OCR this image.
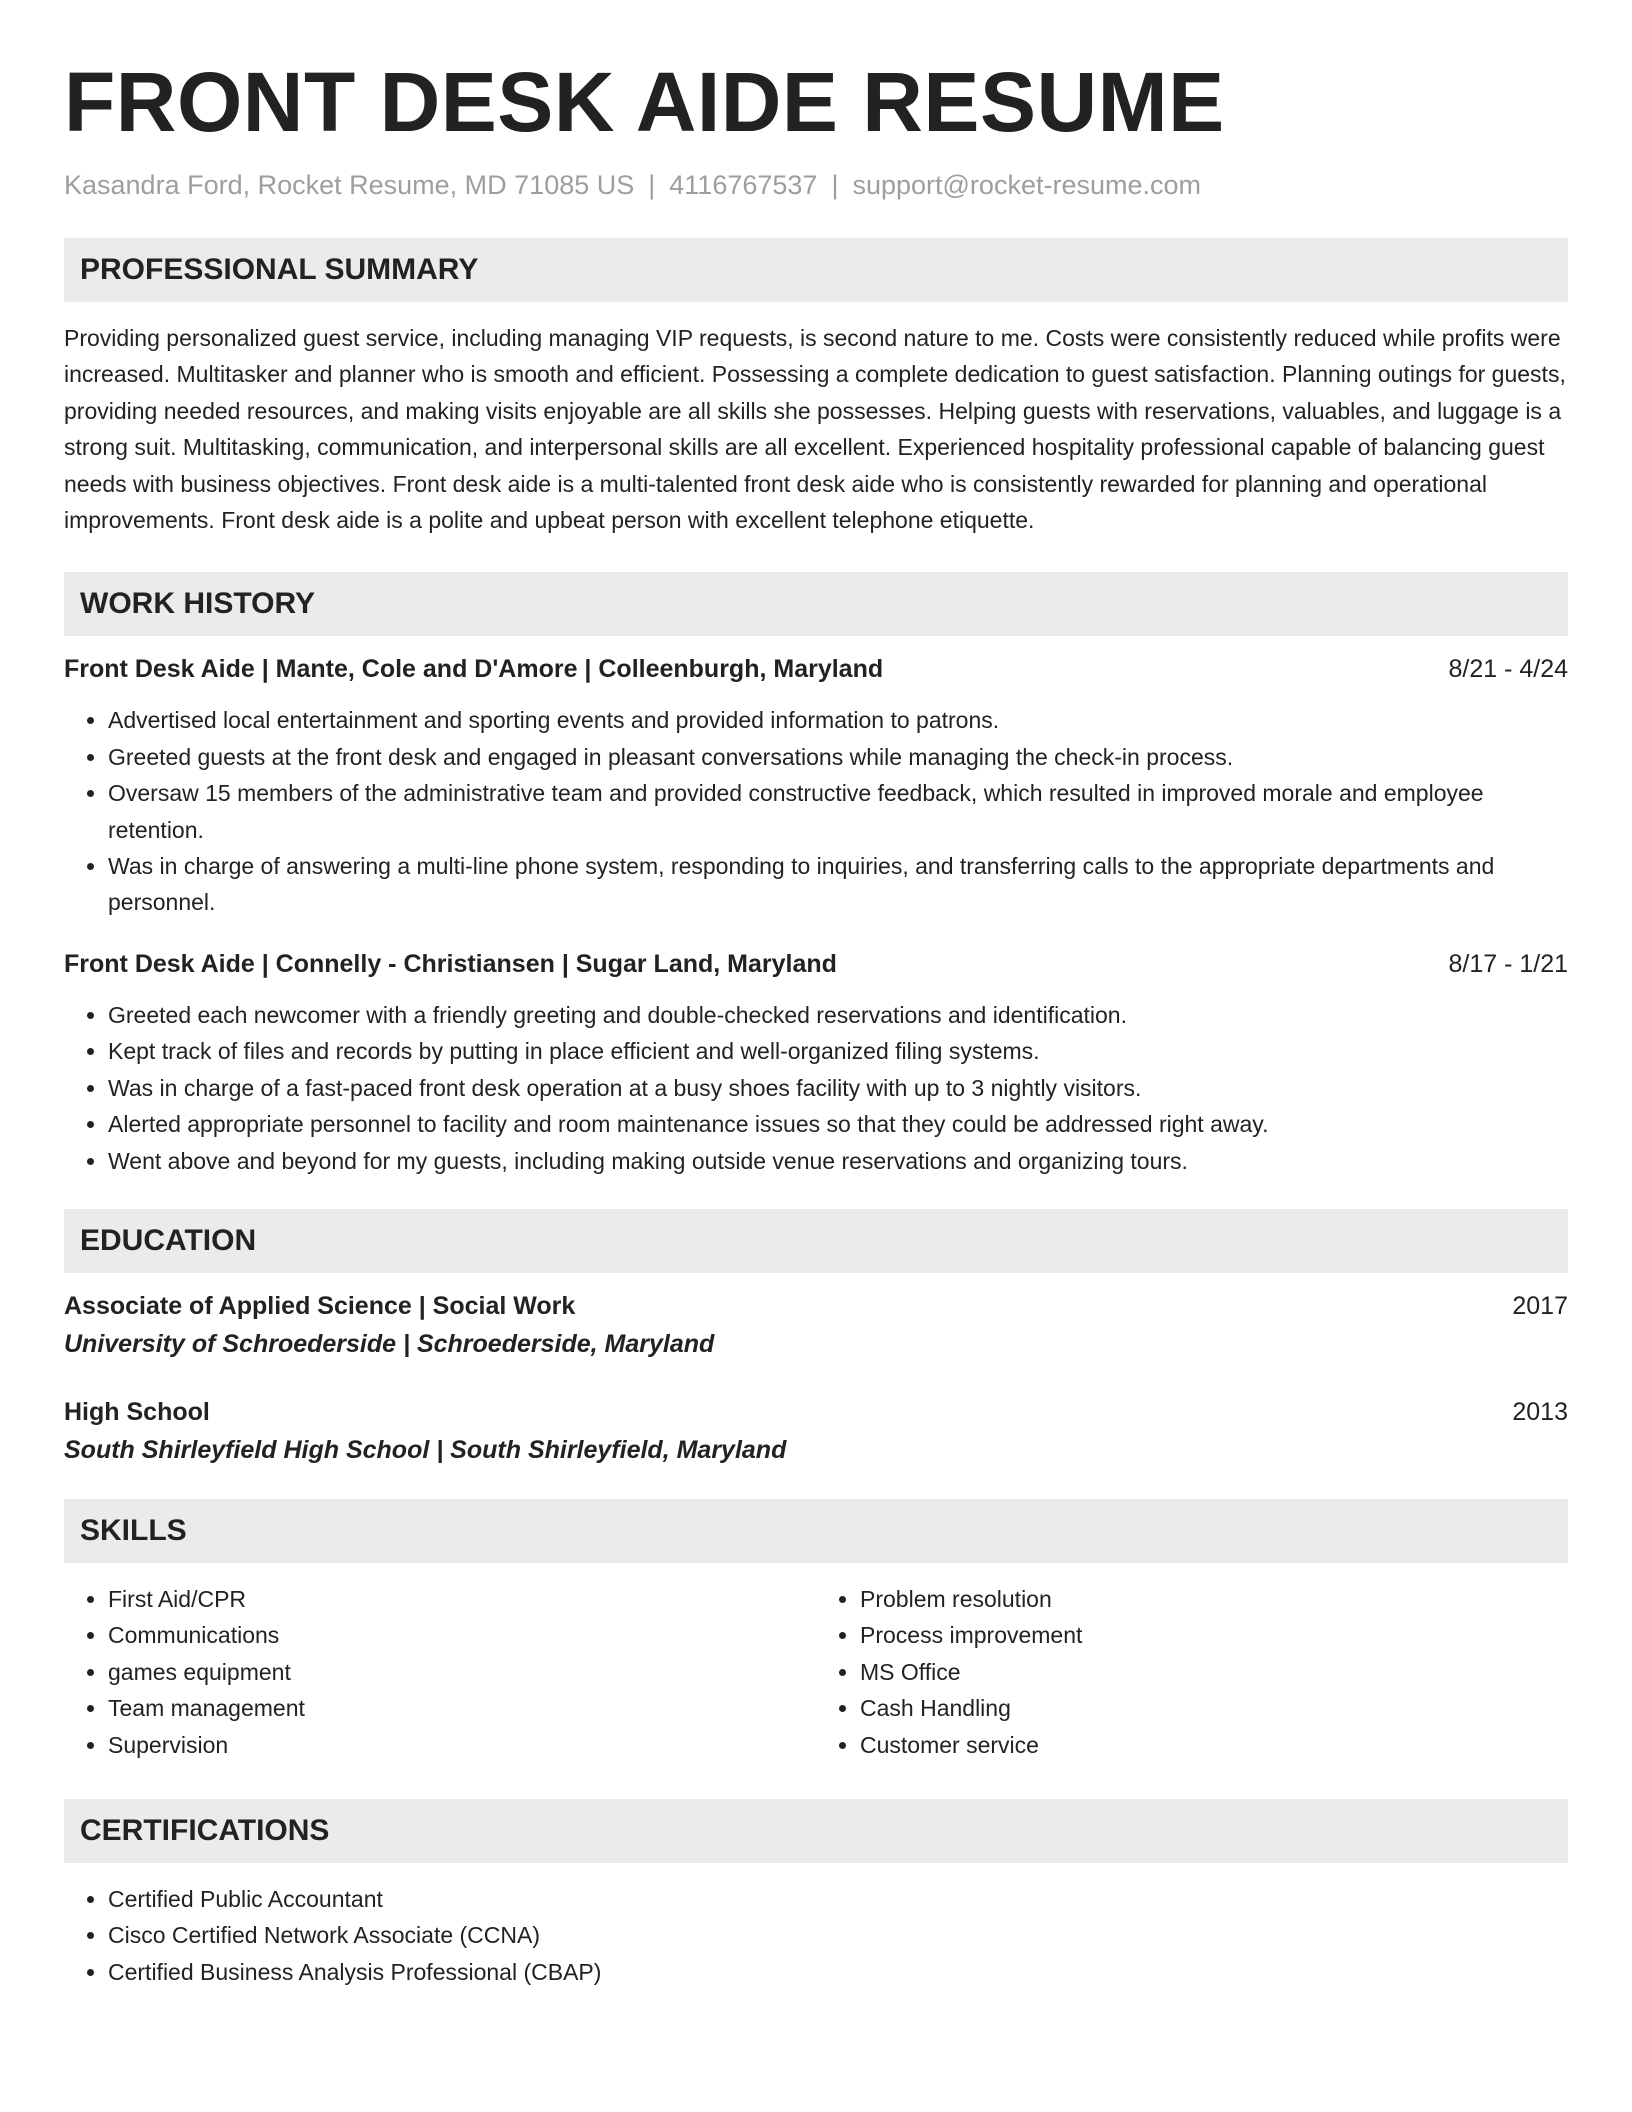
FRONT DESK AIDE RESUME
Kasandra Ford, Rocket Resume, MD 71085 US | 4116767537 | support@rocket-resume.com
PROFESSIONAL SUMMARY

Providing personalized guest service, including managing VIP requests, is second nature to me. Costs were consistently reduced while profits were increased. Multitasker and planner who is smooth and efficient. Possessing a complete dedication to guest satisfaction. Planning outings for guests, providing needed resources, and making visits enjoyable are all skills she possesses. Helping guests with reservations, valuables, and luggage is a strong suit. Multitasking, communication, and interpersonal skills are all excellent. Experienced hospitality professional capable of balancing guest needs with business objectives. Front desk aide is a multi-talented front desk aide who is consistently rewarded for planning and operational improvements. Front desk aide is a polite and upbeat person with excellent telephone etiquette.

WORK HISTORY
Front Desk Aide | Mante, Cole and D'Amore | Colleenburgh, Maryland	8/21 - 4/24
• Advertised local entertainment and sporting events and provided information to patrons.
• Greeted guests at the front desk and engaged in pleasant conversations while managing the check-in process.
• Oversaw 15 members of the administrative team and provided constructive feedback, which resulted in improved morale and employee retention.
• Was in charge of answering a multi-line phone system, responding to inquiries, and transferring calls to the appropriate departments and personnel.
Front Desk Aide | Connelly - Christiansen | Sugar Land, Maryland	8/17 - 1/21
• Greeted each newcomer with a friendly greeting and double-checked reservations and identification.
• Kept track of files and records by putting in place efficient and well-organized filing systems.
• Was in charge of a fast-paced front desk operation at a busy shoes facility with up to 3 nightly visitors.
• Alerted appropriate personnel to facility and room maintenance issues so that they could be addressed right away.
• Went above and beyond for my guests, including making outside venue reservations and organizing tours.
EDUCATION
Associate of Applied Science | Social Work	2017
University of Schroederside | Schroederside, Maryland
High School	2013
South Shirleyfield High School | South Shirleyfield, Maryland
SKILLS
• First Aid/CPR
• Communications
• games equipment
• Team management
• Supervision
• Problem resolution
• Process improvement
• MS Office
• Cash Handling
• Customer service
CERTIFICATIONS
• Certified Public Accountant
• Cisco Certified Network Associate (CCNA)
• Certified Business Analysis Professional (CBAP)
